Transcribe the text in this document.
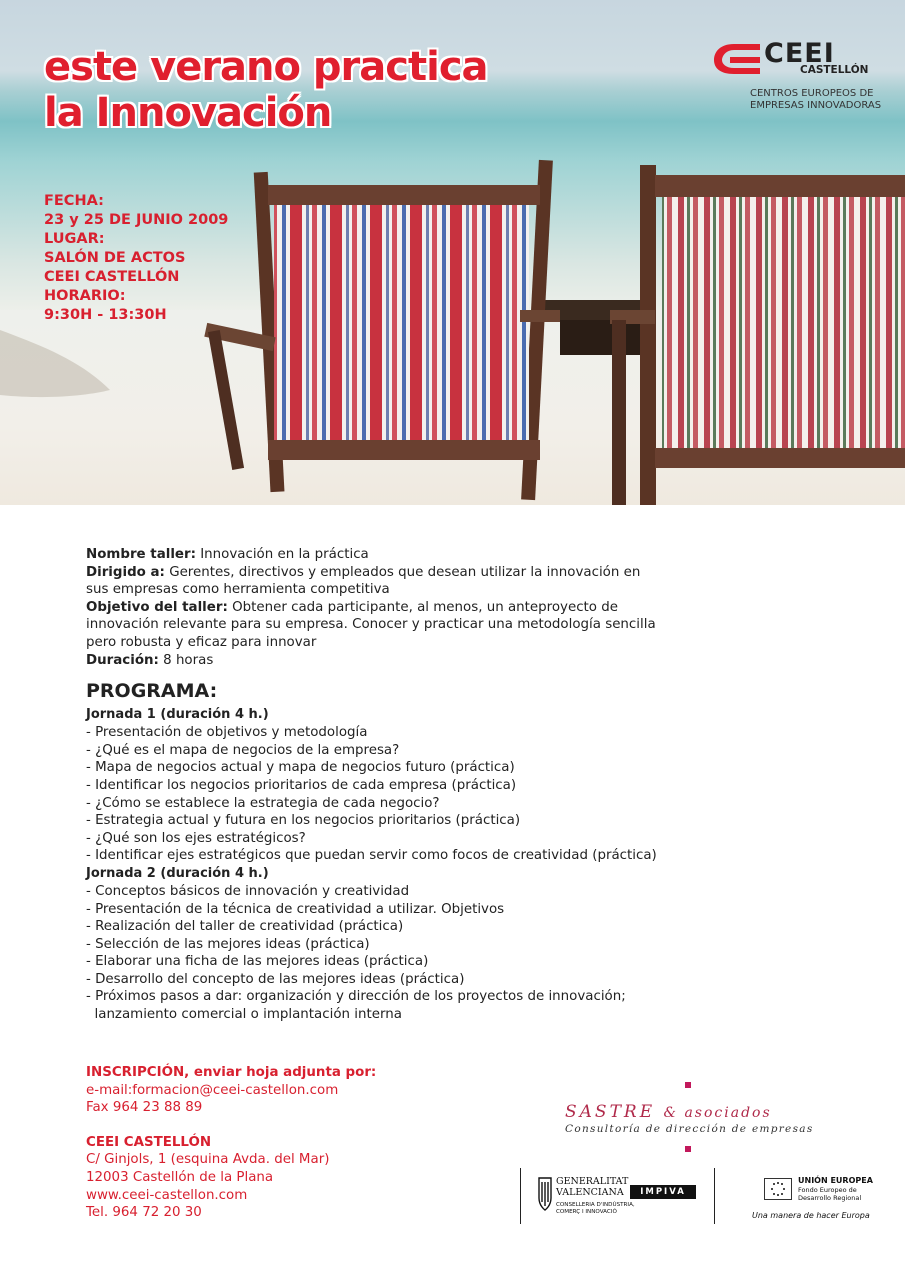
este verano practica
la Innovación
FECHA:
23 y 25 DE JUNIO 2009
LUGAR:
SALÓN DE ACTOS
CEEI CASTELLÓN
HORARIO:
9:30H - 13:30H
CEEI
CASTELLÓN
CENTROS EUROPEOS DE
EMPRESAS INNOVADORAS

Nombre taller: Innovación en la práctica

Dirigido a: Gerentes, directivos y empleados que desean utilizar la innovación en

sus empresas como herramienta competitiva

Objetivo del taller: Obtener cada participante, al menos, un anteproyecto de

innovación relevante para su empresa. Conocer y practicar una metodología sencilla

pero robusta y eficaz para innovar

Duración: 8 horas

PROGRAMA:
Jornada 1 (duración 4 h.)
- Presentación de objetivos y metodología
- ¿Qué es el mapa de negocios de la empresa?
- Mapa de negocios actual y mapa de negocios futuro (práctica)
- Identificar los negocios prioritarios de cada empresa (práctica)
- ¿Cómo se establece la estrategia de cada negocio?
- Estrategia actual y futura en los negocios prioritarios (práctica)
- ¿Qué son los ejes estratégicos?
- Identificar ejes estratégicos que puedan servir como focos de creatividad (práctica)
Jornada 2 (duración 4 h.)
- Conceptos básicos de innovación y creatividad
- Presentación de la técnica de creatividad a utilizar. Objetivos
- Realización del taller de creatividad (práctica)
- Selección de las mejores ideas (práctica)
- Elaborar una ficha de las mejores ideas (práctica)
- Desarrollo del concepto de las mejores ideas (práctica)
- Próximos pasos a dar: organización y dirección de los proyectos de innovación;
lanzamiento comercial o implantación interna
INSCRIPCIÓN, enviar hoja adjunta por:
e-mail:formacion@ceei-castellon.com
Fax 964 23 88 89
CEEI CASTELLÓN
C/ Ginjols, 1 (esquina Avda. del Mar)
12003 Castellón de la Plana
www.ceei-castellon.com
Tel. 964 72 20 30
SASTRE & asociados
Consultoría de dirección de empresas
GENERALITAT
VALENCIANA
CONSELLERIA D'INDÚSTRIA,
COMERÇ I INNOVACIÓ
IMPIVA
UNIÓN EUROPEA
Fondo Europeo de
Desarrollo Regional
Una manera de hacer Europa
